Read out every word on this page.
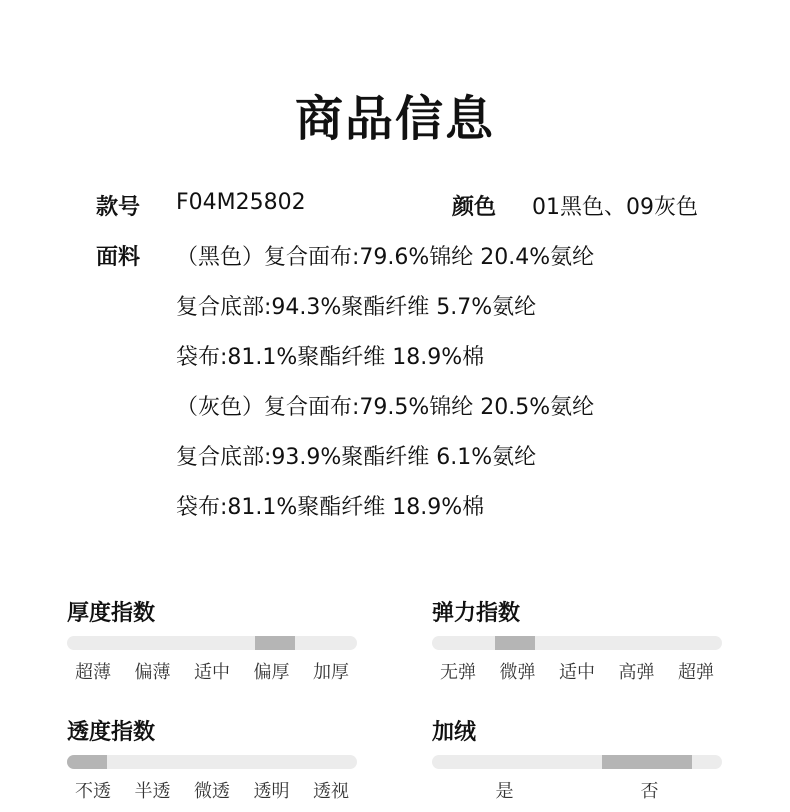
商品信息
款号 F04M25802	颜色 01黑色、09灰色
面料 （黑色）复合面布:79.6%锦纶 20.4%氨纶
复合底部:94.3%聚酯纤维 5.7%氨纶
袋布:81.1%聚酯纤维 18.9%棉
（灰色）复合面布:79.5%锦纶 20.5%氨纶
复合底部:93.9%聚酯纤维 6.1%氨纶
袋布:81.1%聚酯纤维 18.9%棉
厚度指数
超薄	偏薄	适中	偏厚	加厚
弹力指数
无弹	微弹	适中	高弹	超弹
透度指数
不透	半透	微透	透明	透视
加绒
是	否
